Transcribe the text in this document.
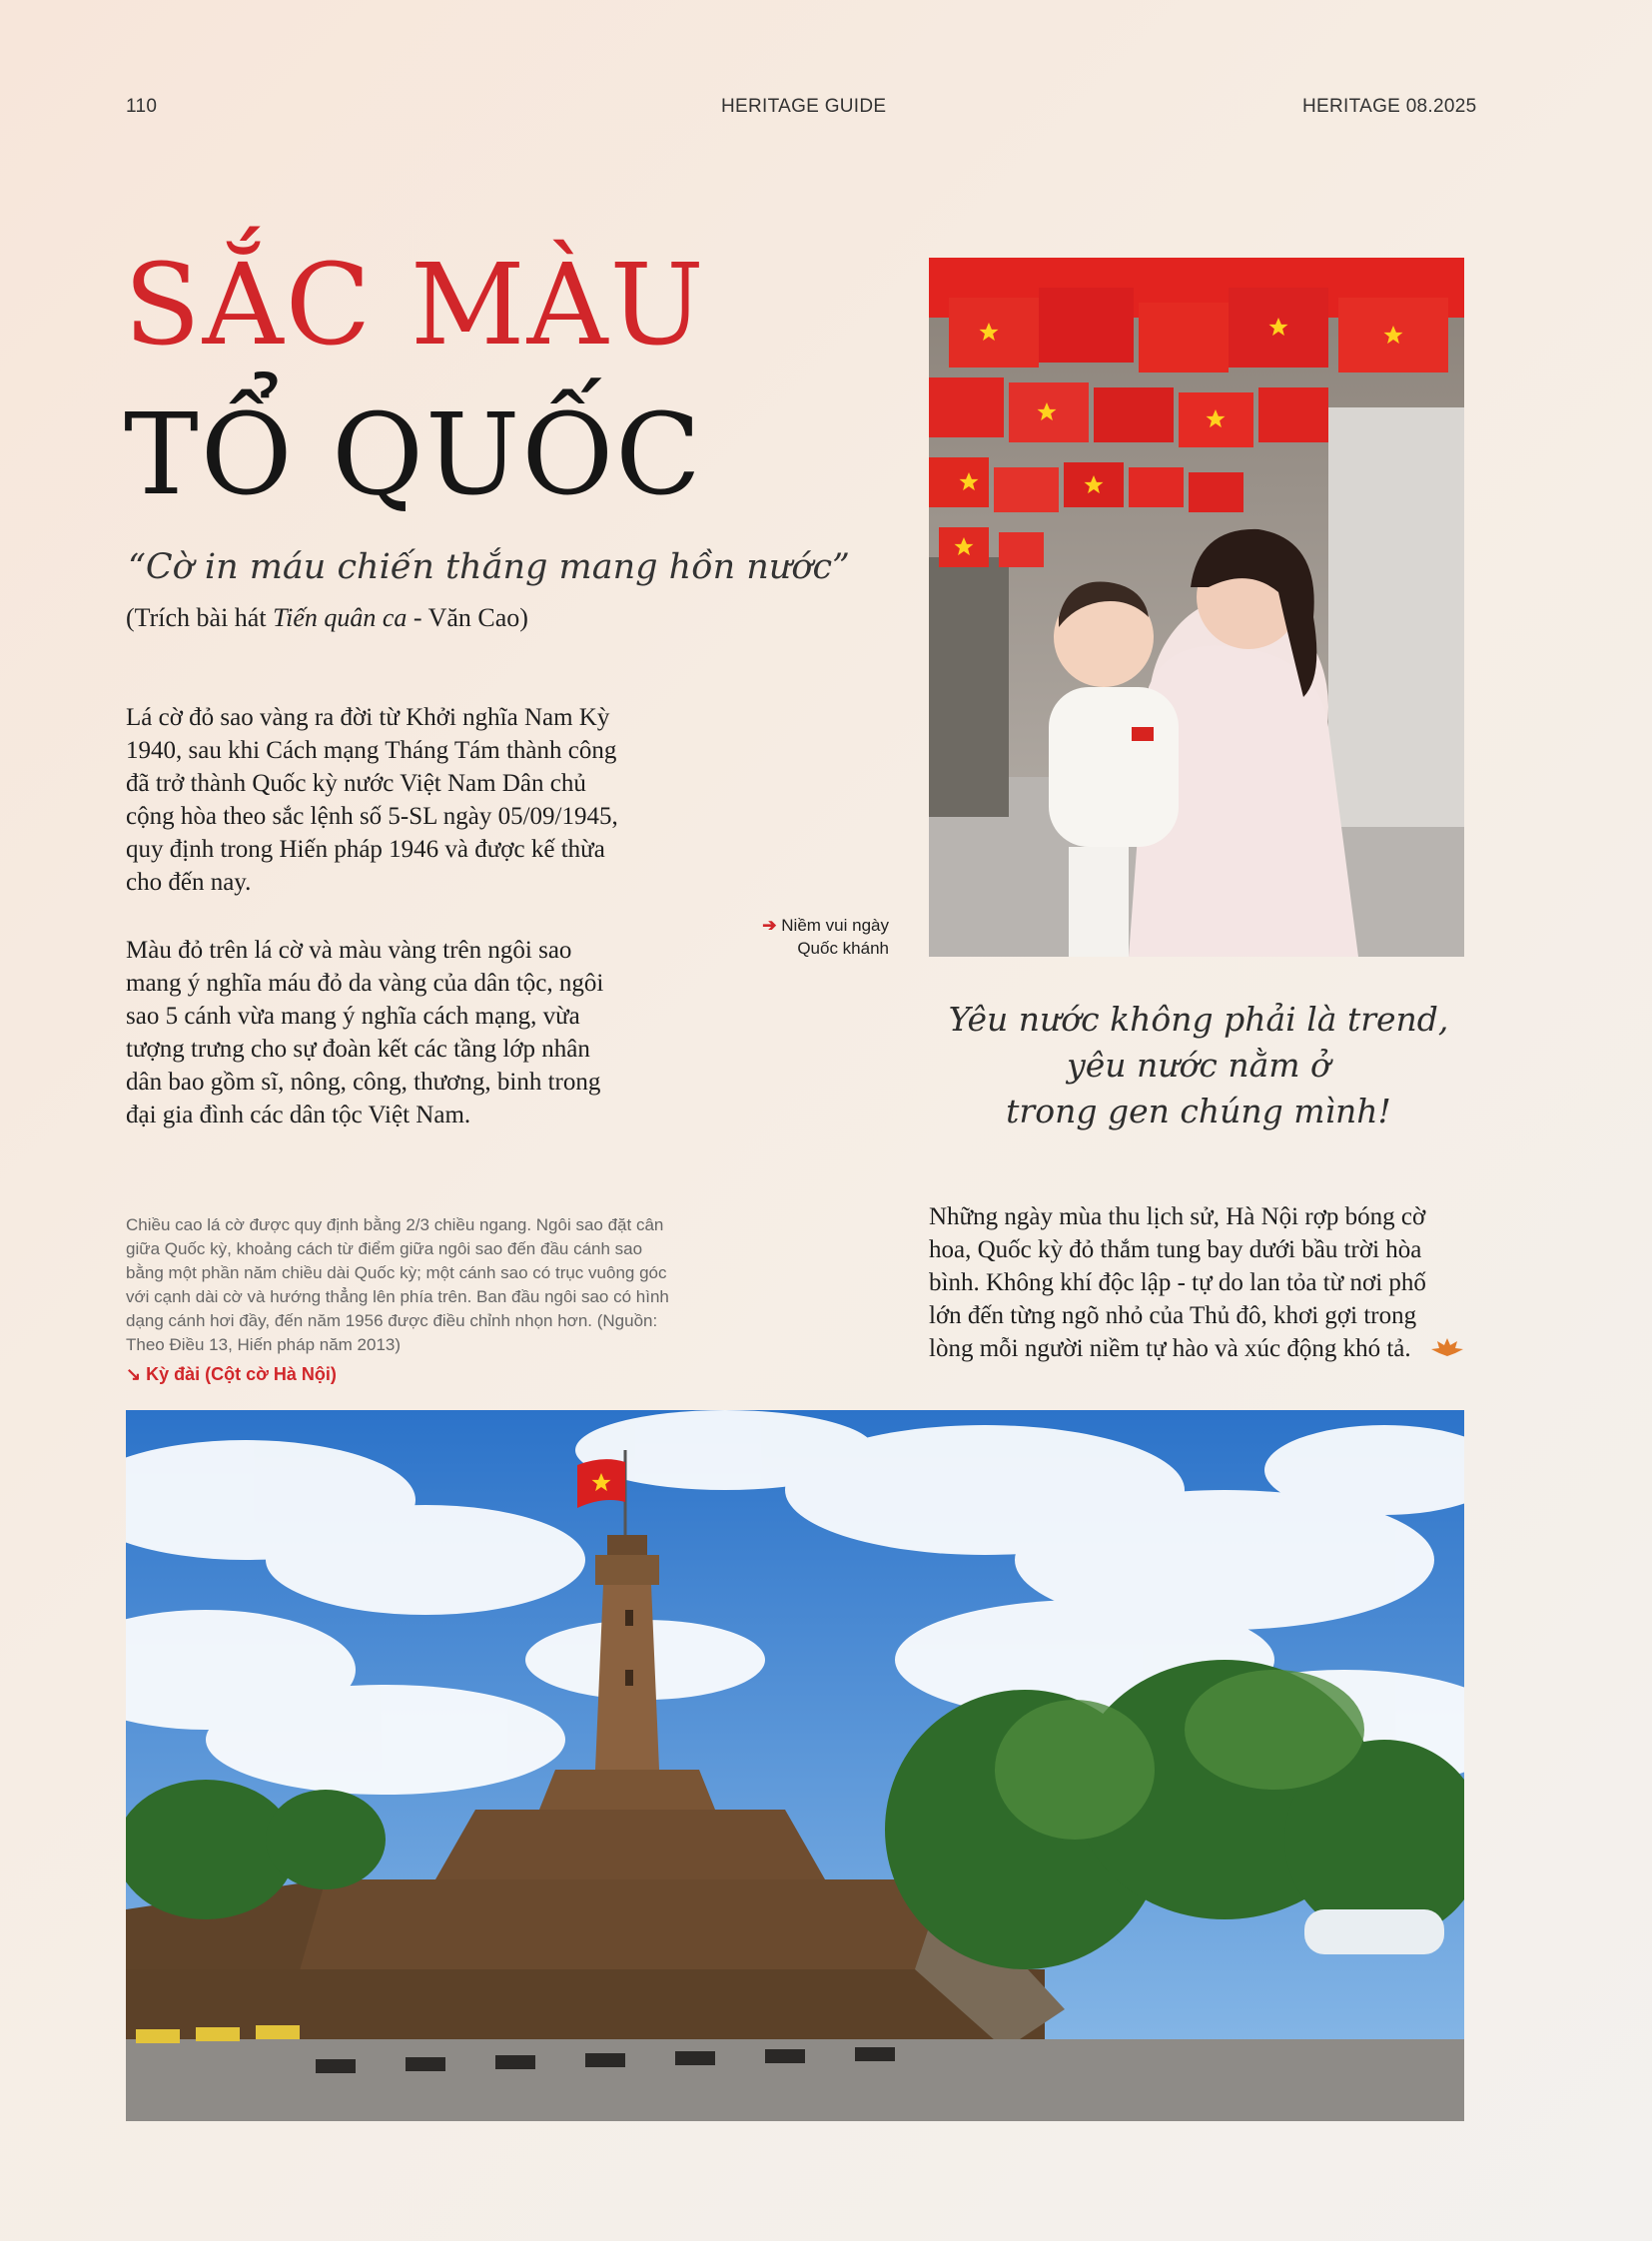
110	HERITAGE GUIDE	HERITAGE 08.2025
SẮC MÀU
TỔ QUỐC
“Cờ in máu chiến thắng mang hồn nước”
(Trích bài hát Tiến quân ca - Văn Cao)
Lá cờ đỏ sao vàng ra đời từ Khởi nghĩa Nam Kỳ
1940, sau khi Cách mạng Tháng Tám thành công
đã trở thành Quốc kỳ nước Việt Nam Dân chủ
cộng hòa theo sắc lệnh số 5-SL ngày 05/09/1945,
quy định trong Hiến pháp 1946 và được kế thừa
cho đến nay.
Màu đỏ trên lá cờ và màu vàng trên ngôi sao
mang ý nghĩa máu đỏ da vàng của dân tộc, ngôi
sao 5 cánh vừa mang ý nghĩa cách mạng, vừa
tượng trưng cho sự đoàn kết các tầng lớp nhân
dân bao gồm sĩ, nông, công, thương, binh trong
đại gia đình các dân tộc Việt Nam.
➔ Niềm vui ngày
Quốc khánh
Yêu nước không phải là trend,
yêu nước nằm ở
trong gen chúng mình!
Chiều cao lá cờ được quy định bằng 2/3 chiều ngang. Ngôi sao đặt cân giữa Quốc kỳ, khoảng cách từ điểm giữa ngôi sao đến đầu cánh sao bằng một phần năm chiều dài Quốc kỳ; một cánh sao có trục vuông góc với cạnh dài cờ và hướng thẳng lên phía trên. Ban đầu ngôi sao có hình dạng cánh hơi đầy, đến năm 1956 được điều chỉnh nhọn hơn. (Nguồn: Theo Điều 13, Hiến pháp năm 2013)
↘ Kỳ đài (Cột cờ Hà Nội)
Những ngày mùa thu lịch sử, Hà Nội rợp bóng cờ
hoa, Quốc kỳ đỏ thắm tung bay dưới bầu trời hòa
bình. Không khí độc lập - tự do lan tỏa từ nơi phố
lớn đến từng ngõ nhỏ của Thủ đô, khơi gợi trong
lòng mỗi người niềm tự hào và xúc động khó tả.
